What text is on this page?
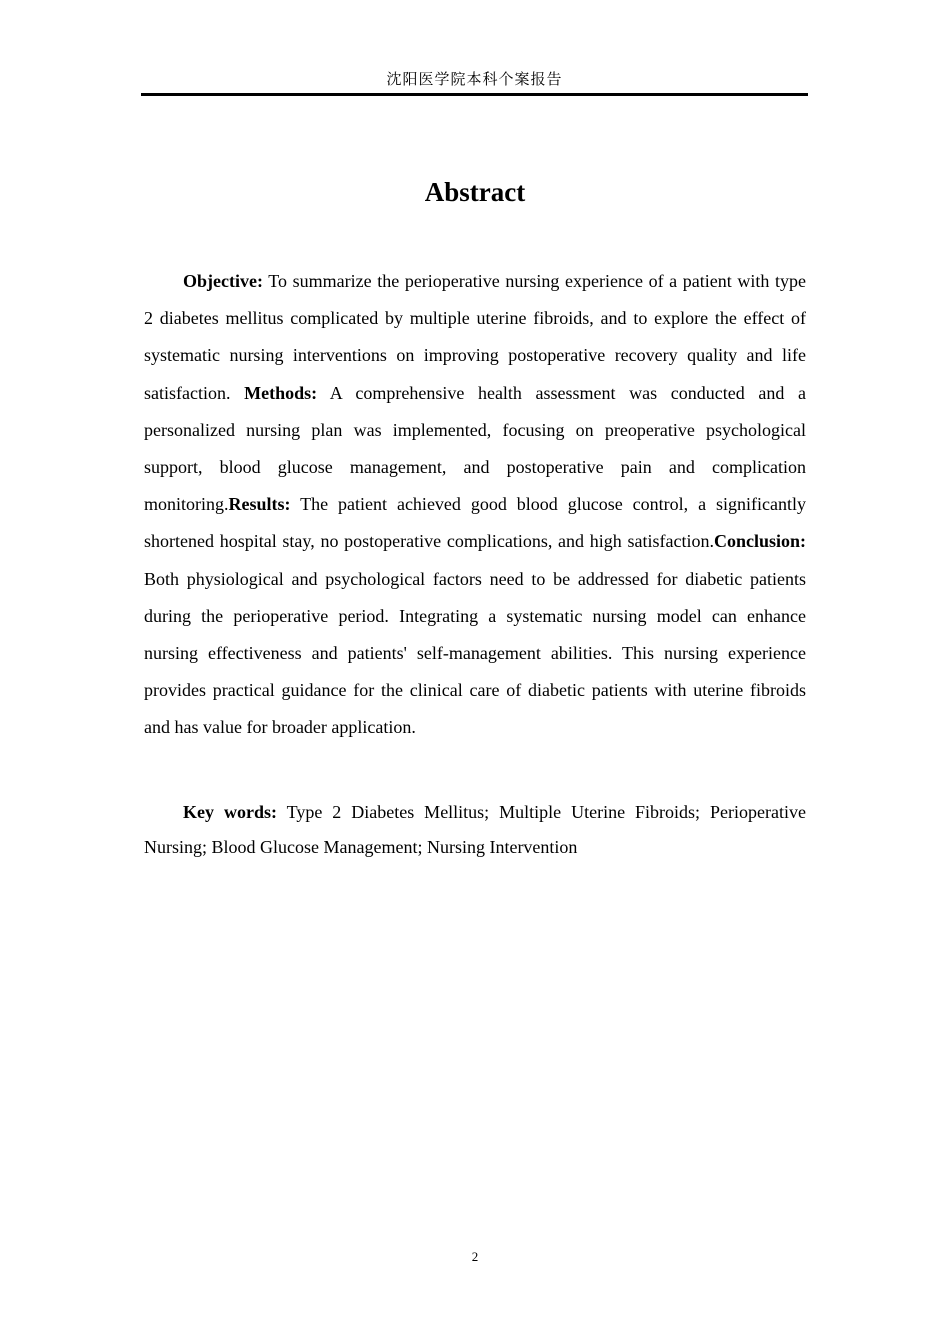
沈阳医学院本科个案报告
Abstract

Objective: To summarize the perioperative nursing experience of a patient with type 2 diabetes mellitus complicated by multiple uterine fibroids, and to explore the effect of systematic nursing interventions on improving postoperative recovery quality and life satisfaction. Methods: A comprehensive health assessment was conducted and a personalized nursing plan was implemented, focusing on preoperative psychological support, blood glucose management, and postoperative pain and complication monitoring.Results: The patient achieved good blood glucose control, a significantly shortened hospital stay, no postoperative complications, and high satisfaction.Conclusion: Both physiological and psychological factors need to be addressed for diabetic patients during the perioperative period. Integrating a systematic nursing model can enhance nursing effectiveness and patients' self-management abilities. This nursing experience provides practical guidance for the clinical care of diabetic patients with uterine fibroids and has value for broader application.

Key words: Type 2 Diabetes Mellitus; Multiple Uterine Fibroids; Perioperative Nursing; Blood Glucose Management; Nursing Intervention

2
